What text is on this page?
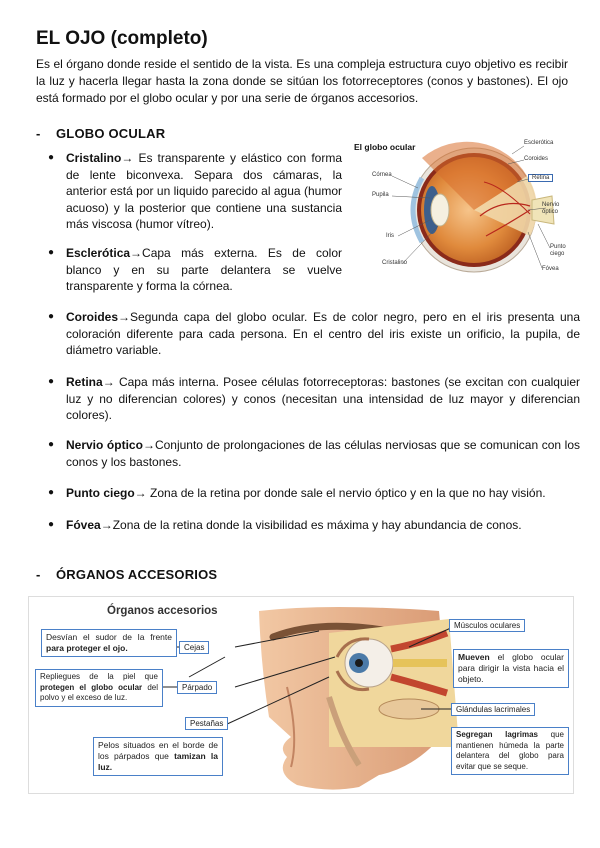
EL OJO (completo)

Es el órgano donde reside el sentido de la vista. Es una compleja estructura cuyo objetivo es recibir la luz y hacerla llegar hasta la zona donde se sitúan los fotorreceptores (conos y bastones). El ojo está formado por el globo ocular y por una serie de órganos accesorios.

- GLOBO OCULAR

● Cristalino→ Es transparente y elástico con forma de lente biconvexa. Separa dos cámaras, la anterior está por un liquido parecido al agua (humor acuoso) y la posterior que contiene una sustancia más viscosa (humor vítreo).

● Esclerótica→Capa más externa. Es de color blanco y en su parte delantera se vuelve transparente y forma la córnea.

● Coroides→Segunda capa del globo ocular. Es de color negro, pero en el iris presenta una coloración diferente para cada persona. En el centro del iris existe un orificio, la pupila, de diámetro variable.

● Retina→ Capa más interna. Posee células fotorreceptoras: bastones (se excitan con cualquier luz y no diferencian colores) y conos (necesitan una intensidad de luz mayor y diferencian colores).

● Nervio óptico→Conjunto de prolongaciones de las células nerviosas que se comunican con los conos y los bastones.

● Punto ciego→ Zona de la retina por donde sale el nervio óptico y en la que no hay visión.

● Fóvea→Zona de la retina donde la visibilidad es máxima y hay abundancia de conos.

El globo ocular	Esclerótica
Coroides
Retina
Córnea
Pupila
Iris
Cristalino
Nervio óptico
Punto ciego
Fóvea

- ÓRGANOS ACCESORIOS

Órganos accesorios
Desvían el sudor de la frente para proteger el ojo.	Cejas
Repliegues de la piel que protegen el globo ocular del polvo y el exceso de luz.
Párpado
Pestañas
Pelos situados en el borde de los párpados que tamizan la luz.
Músculos oculares
Mueven el globo ocular para dirigir la vista hacia el objeto.
Glándulas lacrimales
Segregan lagrimas que mantienen húmeda la parte delantera del globo para evitar que se seque.
